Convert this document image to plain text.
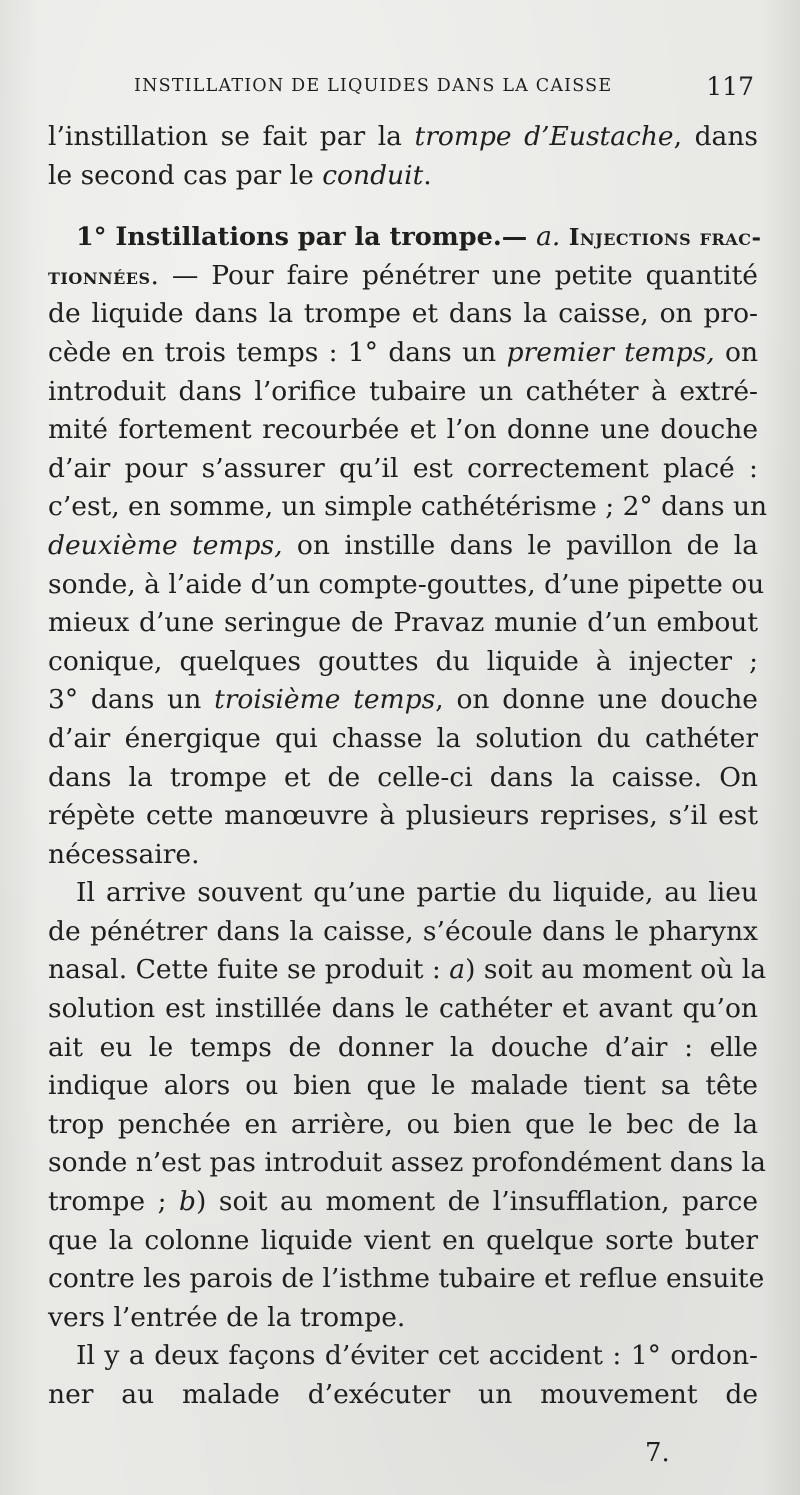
INSTILLATION DE LIQUIDES DANS LA CAISSE	117
l’instillation se fait par la trompe d’Eustache, dans
le second cas par le conduit.
1° Instillations par la trompe.— a. Injections frac-
tionnées. — Pour faire pénétrer une petite quantité
de liquide dans la trompe et dans la caisse, on pro-
cède en trois temps : 1° dans un premier temps, on
introduit dans l’orifice tubaire un cathéter à extré-
mité fortement recourbée et l’on donne une douche
d’air pour s’assurer qu’il est correctement placé :
c’est, en somme, un simple cathétérisme ; 2° dans un
deuxième temps, on instille dans le pavillon de la
sonde, à l’aide d’un compte-gouttes, d’une pipette ou
mieux d’une seringue de Pravaz munie d’un embout
conique, quelques gouttes du liquide à injecter ;
3° dans un troisième temps, on donne une douche
d’air énergique qui chasse la solution du cathéter
dans la trompe et de celle-ci dans la caisse. On
répète cette manœuvre à plusieurs reprises, s’il est
nécessaire.
Il arrive souvent qu’une partie du liquide, au lieu
de pénétrer dans la caisse, s’écoule dans le pharynx
nasal. Cette fuite se produit : a) soit au moment où la
solution est instillée dans le cathéter et avant qu’on
ait eu le temps de donner la douche d’air : elle
indique alors ou bien que le malade tient sa tête
trop penchée en arrière, ou bien que le bec de la
sonde n’est pas introduit assez profondément dans la
trompe ; b) soit au moment de l’insufflation, parce
que la colonne liquide vient en quelque sorte buter
contre les parois de l’isthme tubaire et reflue ensuite
vers l’entrée de la trompe.
Il y a deux façons d’éviter cet accident : 1° ordon-
ner au malade d’exécuter un mouvement de
7.
